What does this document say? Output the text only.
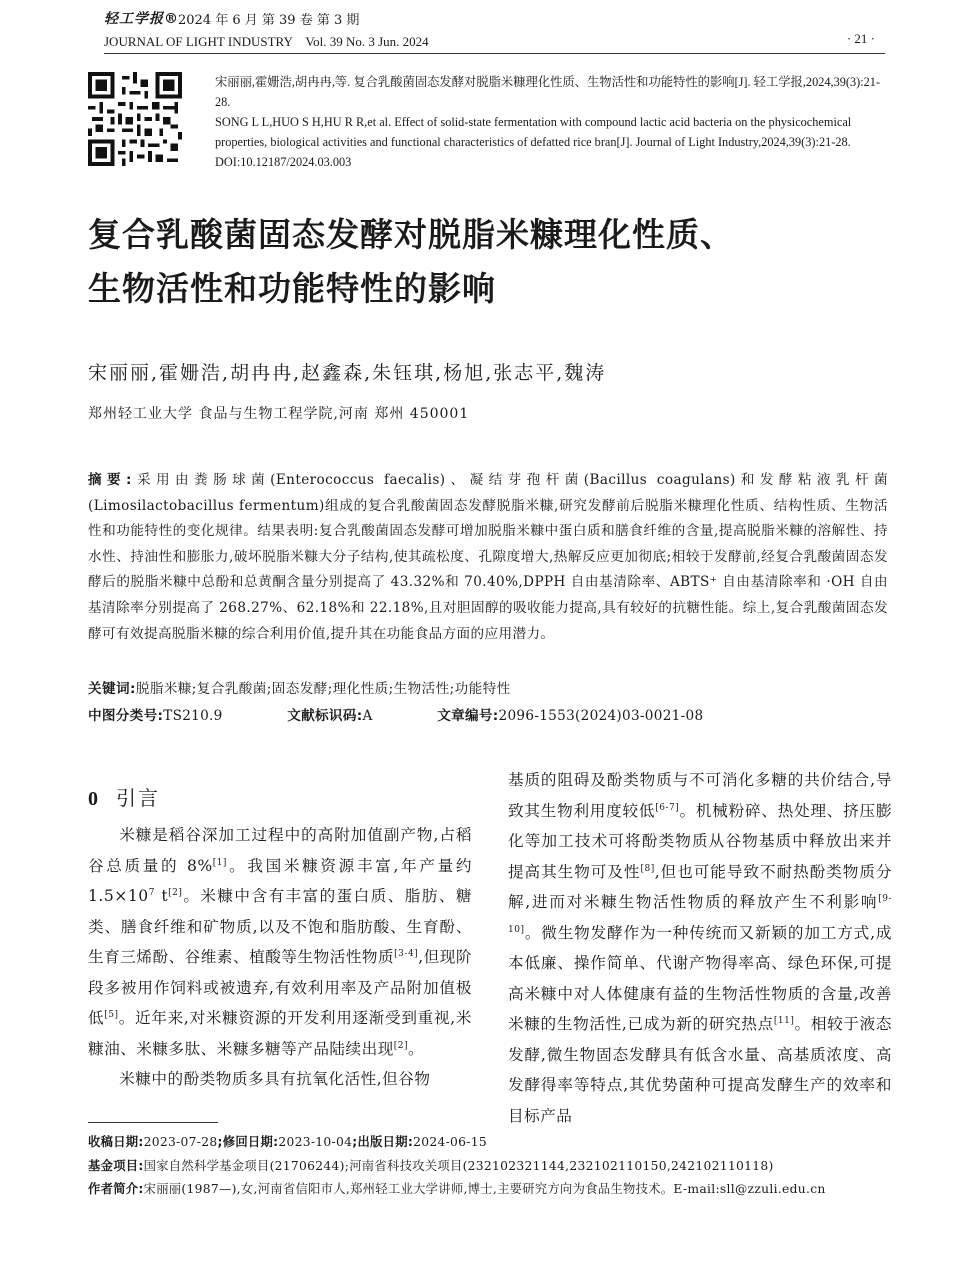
轻工学报® 2024 年 6 月 第 39 卷 第 3 期
JOURNAL OF LIGHT INDUSTRY　Vol. 39 No. 3 Jun. 2024	· 21 ·

宋丽丽,霍姗浩,胡冉冉,等. 复合乳酸菌固态发酵对脱脂米糠理化性质、生物活性和功能特性的影响[J]. 轻工学报,2024,39(3):21-28.

SONG L L,HUO S H,HU R R,et al. Effect of solid-state fermentation with compound lactic acid bacteria on the physicochemical properties, biological activities and functional characteristics of defatted rice bran[J]. Journal of Light Industry,2024,39(3):21-28.　　DOI:10.12187/2024.03.003

复合乳酸菌固态发酵对脱脂米糠理化性质、
生物活性和功能特性的影响
宋丽丽,霍姗浩,胡冉冉,赵鑫森,朱钰琪,杨旭,张志平,魏涛
郑州轻工业大学 食品与生物工程学院,河南 郑州 450001
摘要:采用由粪肠球菌(Enterococcus faecalis)、凝结芽孢杆菌(Bacillus coagulans)和发酵粘液乳杆菌(Limosilactobacillus fermentum)组成的复合乳酸菌固态发酵脱脂米糠,研究发酵前后脱脂米糠理化性质、结构性质、生物活性和功能特性的变化规律。结果表明:复合乳酸菌固态发酵可增加脱脂米糠中蛋白质和膳食纤维的含量,提高脱脂米糠的溶解性、持水性、持油性和膨胀力,破坏脱脂米糠大分子结构,使其疏松度、孔隙度增大,热解反应更加彻底;相较于发酵前,经复合乳酸菌固态发酵后的脱脂米糠中总酚和总黄酮含量分别提高了 43.32%和 70.40%,DPPH 自由基清除率、ABTS⁺ 自由基清除率和 ·OH 自由基清除率分别提高了 268.27%、62.18%和 22.18%,且对胆固醇的吸收能力提高,具有较好的抗糖性能。综上,复合乳酸菌固态发酵可有效提高脱脂米糠的综合利用价值,提升其在功能食品方面的应用潜力。
关键词:脱脂米糠;复合乳酸菌;固态发酵;理化性质;生物活性;功能特性
中图分类号:TS210.9	文献标识码:A	文章编号:2096-1553(2024)03-0021-08
0 引言

米糠是稻谷深加工过程中的高附加值副产物,占稻谷总质量的 8%[1]。我国米糠资源丰富,年产量约 $1.5\times 10^7$ t[2]。米糠中含有丰富的蛋白质、脂肪、糖类、膳食纤维和矿物质,以及不饱和脂肪酸、生育酚、生育三烯酚、谷维素、植酸等生物活性物质[3-4],但现阶段多被用作饲料或被遗弃,有效利用率及产品附加值极低[5]。近年来,对米糠资源的开发利用逐渐受到重视,米糠油、米糠多肽、米糠多糖等产品陆续出现[2]。

米糠中的酚类物质多具有抗氧化活性,但谷物

基质的阻碍及酚类物质与不可消化多糖的共价结合,导致其生物利用度较低[6-7]。机械粉碎、热处理、挤压膨化等加工技术可将酚类物质从谷物基质中释放出来并提高其生物可及性[8],但也可能导致不耐热酚类物质分解,进而对米糠生物活性物质的释放产生不利影响[9-10]。微生物发酵作为一种传统而又新颖的加工方式,成本低廉、操作简单、代谢产物得率高、绿色环保,可提高米糠中对人体健康有益的生物活性物质的含量,改善米糠的生物活性,已成为新的研究热点[11]。相较于液态发酵,微生物固态发酵具有低含水量、高基质浓度、高发酵得率等特点,其优势菌种可提高发酵生产的效率和目标产品

收稿日期:2023-07-28;修回日期:2023-10-04;出版日期:2024-06-15

基金项目:国家自然科学基金项目(21706244);河南省科技攻关项目(232102321144,232102110150,242102110118)

作者简介:宋丽丽(1987—),女,河南省信阳市人,郑州轻工业大学讲师,博士,主要研究方向为食品生物技术。E-mail:sll@zzuli.edu.cn
